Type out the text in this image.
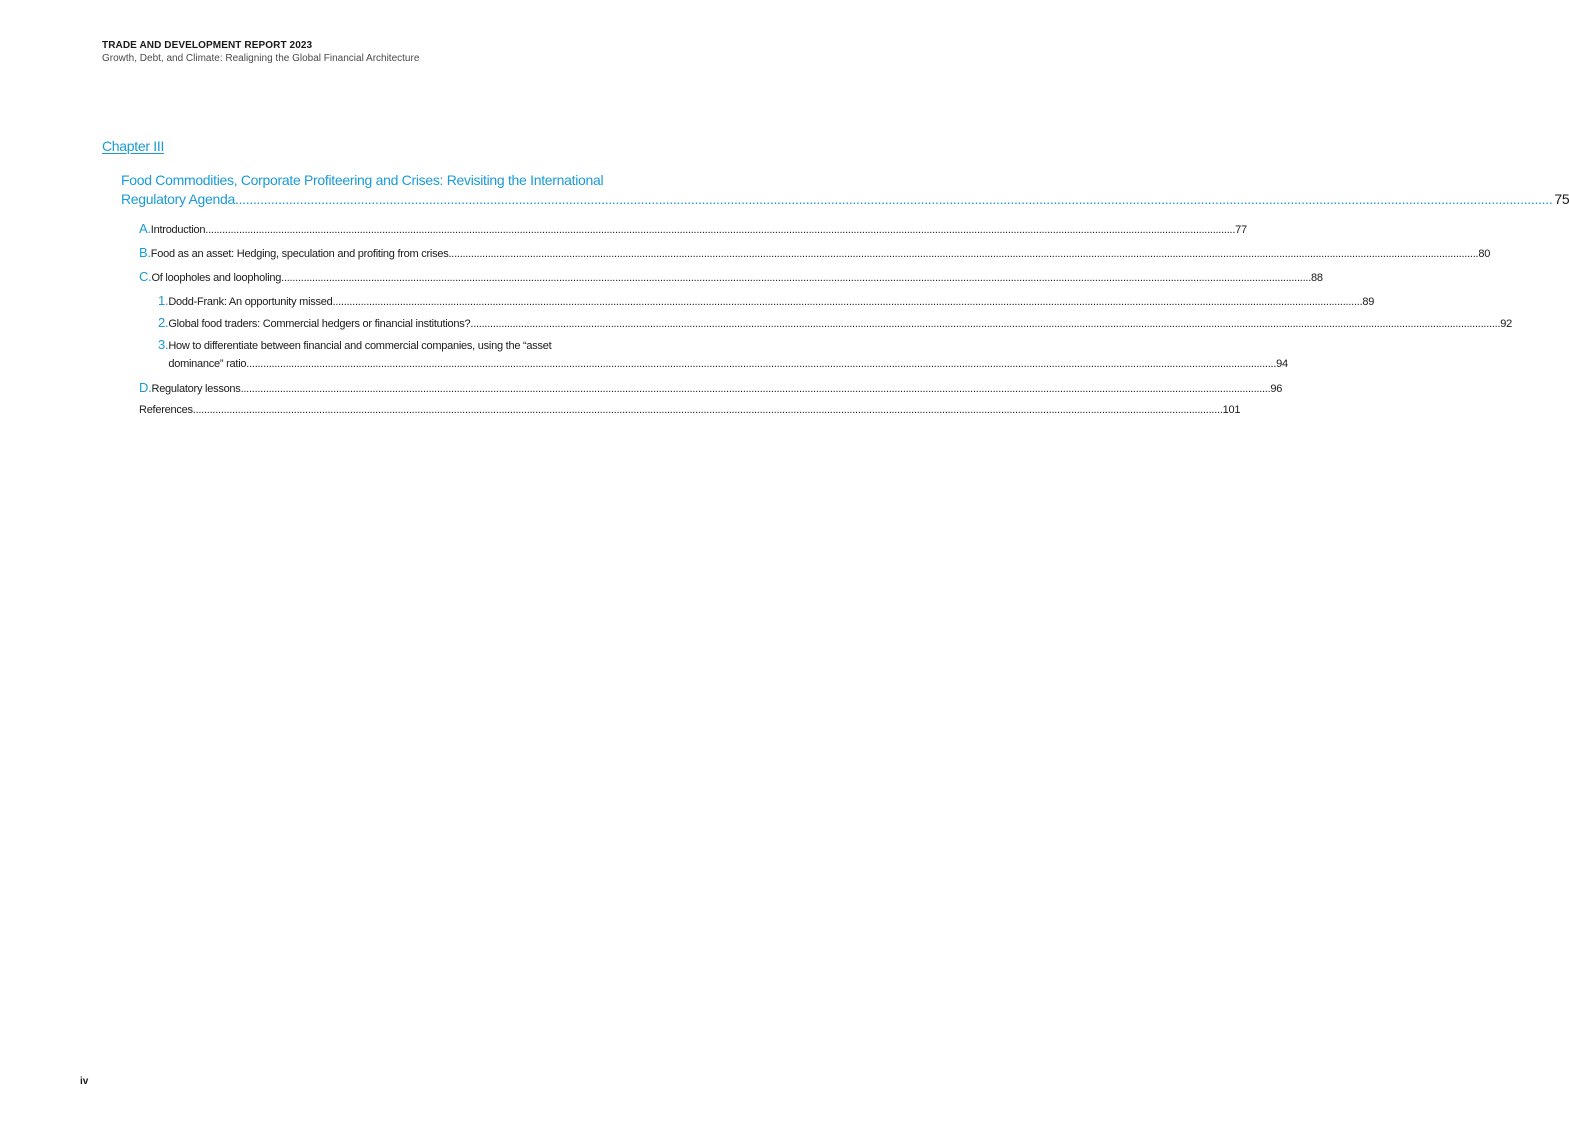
TRADE AND DEVELOPMENT REPORT 2023
Growth, Debt, and Climate: Realigning the Global Financial Architecture
Chapter III
Food Commodities, Corporate Profiteering and Crises: Revisiting the International
Regulatory Agenda .....	75
A. Introduction .....	77
B. Food as an asset: Hedging, speculation and profiting from crises .....	80
C. Of loopholes and loopholing .....	88
1. Dodd-Frank: An opportunity missed .....	89
2. Global food traders: Commercial hedgers or financial institutions? .....	92
3. How to differentiate between financial and commercial companies, using the “asset
dominance” ratio .....	94
D. Regulatory lessons .....	96
References .....	101
iv
